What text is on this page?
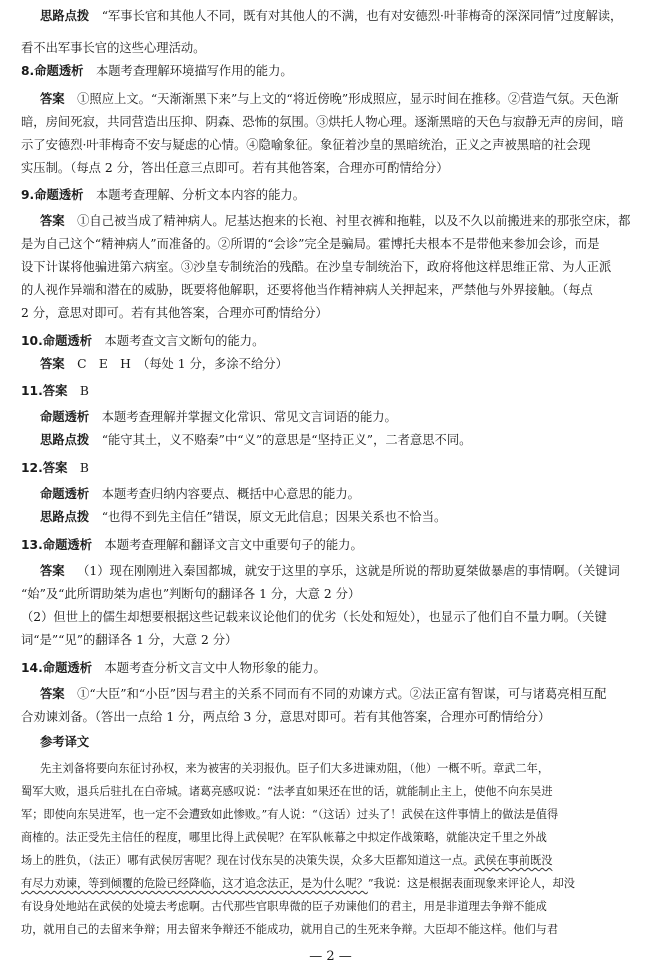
思路点拨  “军事长官和其他人不同，既有对其他人的不满，也有对安德烈·叶菲梅奇的深深同情”过度解读，
看不出军事长官的这些心理活动。
8.命题透析  本题考查理解环境描写作用的能力。
答案  ①照应上文。“天渐渐黑下来”与上文的“将近傍晚”形成照应，显示时间在推移。②营造气氛。天色渐
暗，房间死寂，共同营造出压抑、阴森、恐怖的氛围。③烘托人物心理。逐渐黑暗的天色与寂静无声的房间，暗
示了安德烈·叶菲梅奇不安与疑虑的心情。④隐喻象征。象征着沙皇的黑暗统治，正义之声被黑暗的社会现
实压制。（每点 2 分，答出任意三点即可。若有其他答案，合理亦可酌情给分）
9.命题透析  本题考查理解、分析文本内容的能力。
答案  ①自己被当成了精神病人。尼基达抱来的长袍、衬里衣裤和拖鞋，以及不久以前搬进来的那张空床，都
是为自己这个“精神病人”而准备的。②所谓的“会诊”完全是骗局。霍博托夫根本不是带他来参加会诊，而是
设下计谋将他骗进第六病室。③沙皇专制统治的残酷。在沙皇专制统治下，政府将他这样思维正常、为人正派
的人视作异端和潜在的威胁，既要将他解职，还要将他当作精神病人关押起来，严禁他与外界接触。（每点
2 分，意思对即可。若有其他答案，合理亦可酌情给分）
10.命题透析  本题考查文言文断句的能力。
答案  C　E　H　（每处 1 分，多涂不给分）
11.答案  B
命题透析  本题考查理解并掌握文化常识、常见文言词语的能力。
思路点拨  “能守其土，义不赂秦”中“义”的意思是“坚持正义”，二者意思不同。
12.答案  B
命题透析  本题考查归纳内容要点、概括中心意思的能力。
思路点拨  “也得不到先主信任”错误，原文无此信息；因果关系也不恰当。
13.命题透析  本题考查理解和翻译文言文中重要句子的能力。
答案  （1）现在刚刚进入秦国都城，就安于这里的享乐，这就是所说的帮助夏桀做暴虐的事情啊。（关键词
“始”及“此所谓助桀为虐也”判断句的翻译各 1 分，大意 2 分）
（2）但世上的儒生却想要根据这些记载来议论他们的优劣（长处和短处），也显示了他们自不量力啊。（关键
词“是”“见”的翻译各 1 分，大意 2 分）
14.命题透析  本题考查分析文言文中人物形象的能力。
答案  ①“大臣”和“小臣”因与君主的关系不同而有不同的劝谏方式。②法正富有智谋，可与诸葛亮相互配
合劝谏刘备。（答出一点给 1 分，两点给 3 分，意思对即可。若有其他答案，合理亦可酌情给分）
参考译文 
先主刘备将要向东征讨孙权，来为被害的关羽报仇。臣子们大多进谏劝阻，（他）一概不听。章武二年，
蜀军大败，退兵后驻扎在白帝城。诸葛亮感叹说：“法孝直如果还在世的话，就能制止主上，使他不向东吴进
军；即使向东吴进军，也一定不会遭致如此惨败。”有人说：“（这话）过头了！武侯在这件事情上的做法是值得
商榷的。法正受先主信任的程度，哪里比得上武侯呢？在军队帐幕之中拟定作战策略，就能决定千里之外战
场上的胜负，（法正）哪有武侯厉害呢？现在讨伐东吴的决策失误，众多大臣都知道这一点。武侯在事前既没
有尽力劝谏，等到倾覆的危险已经降临，这才追念法正，是为什么呢？”我说：这是根据表面现象来评论人，却没
有设身处地站在武侯的处境去考虑啊。古代那些官职卑微的臣子劝谏他们的君主，用是非道理去争辩不能成
功，就用自己的去留来争辩；用去留来争辩还不能成功，就用自己的生死来争辩。大臣却不能这样。他们与君
— 2 —
